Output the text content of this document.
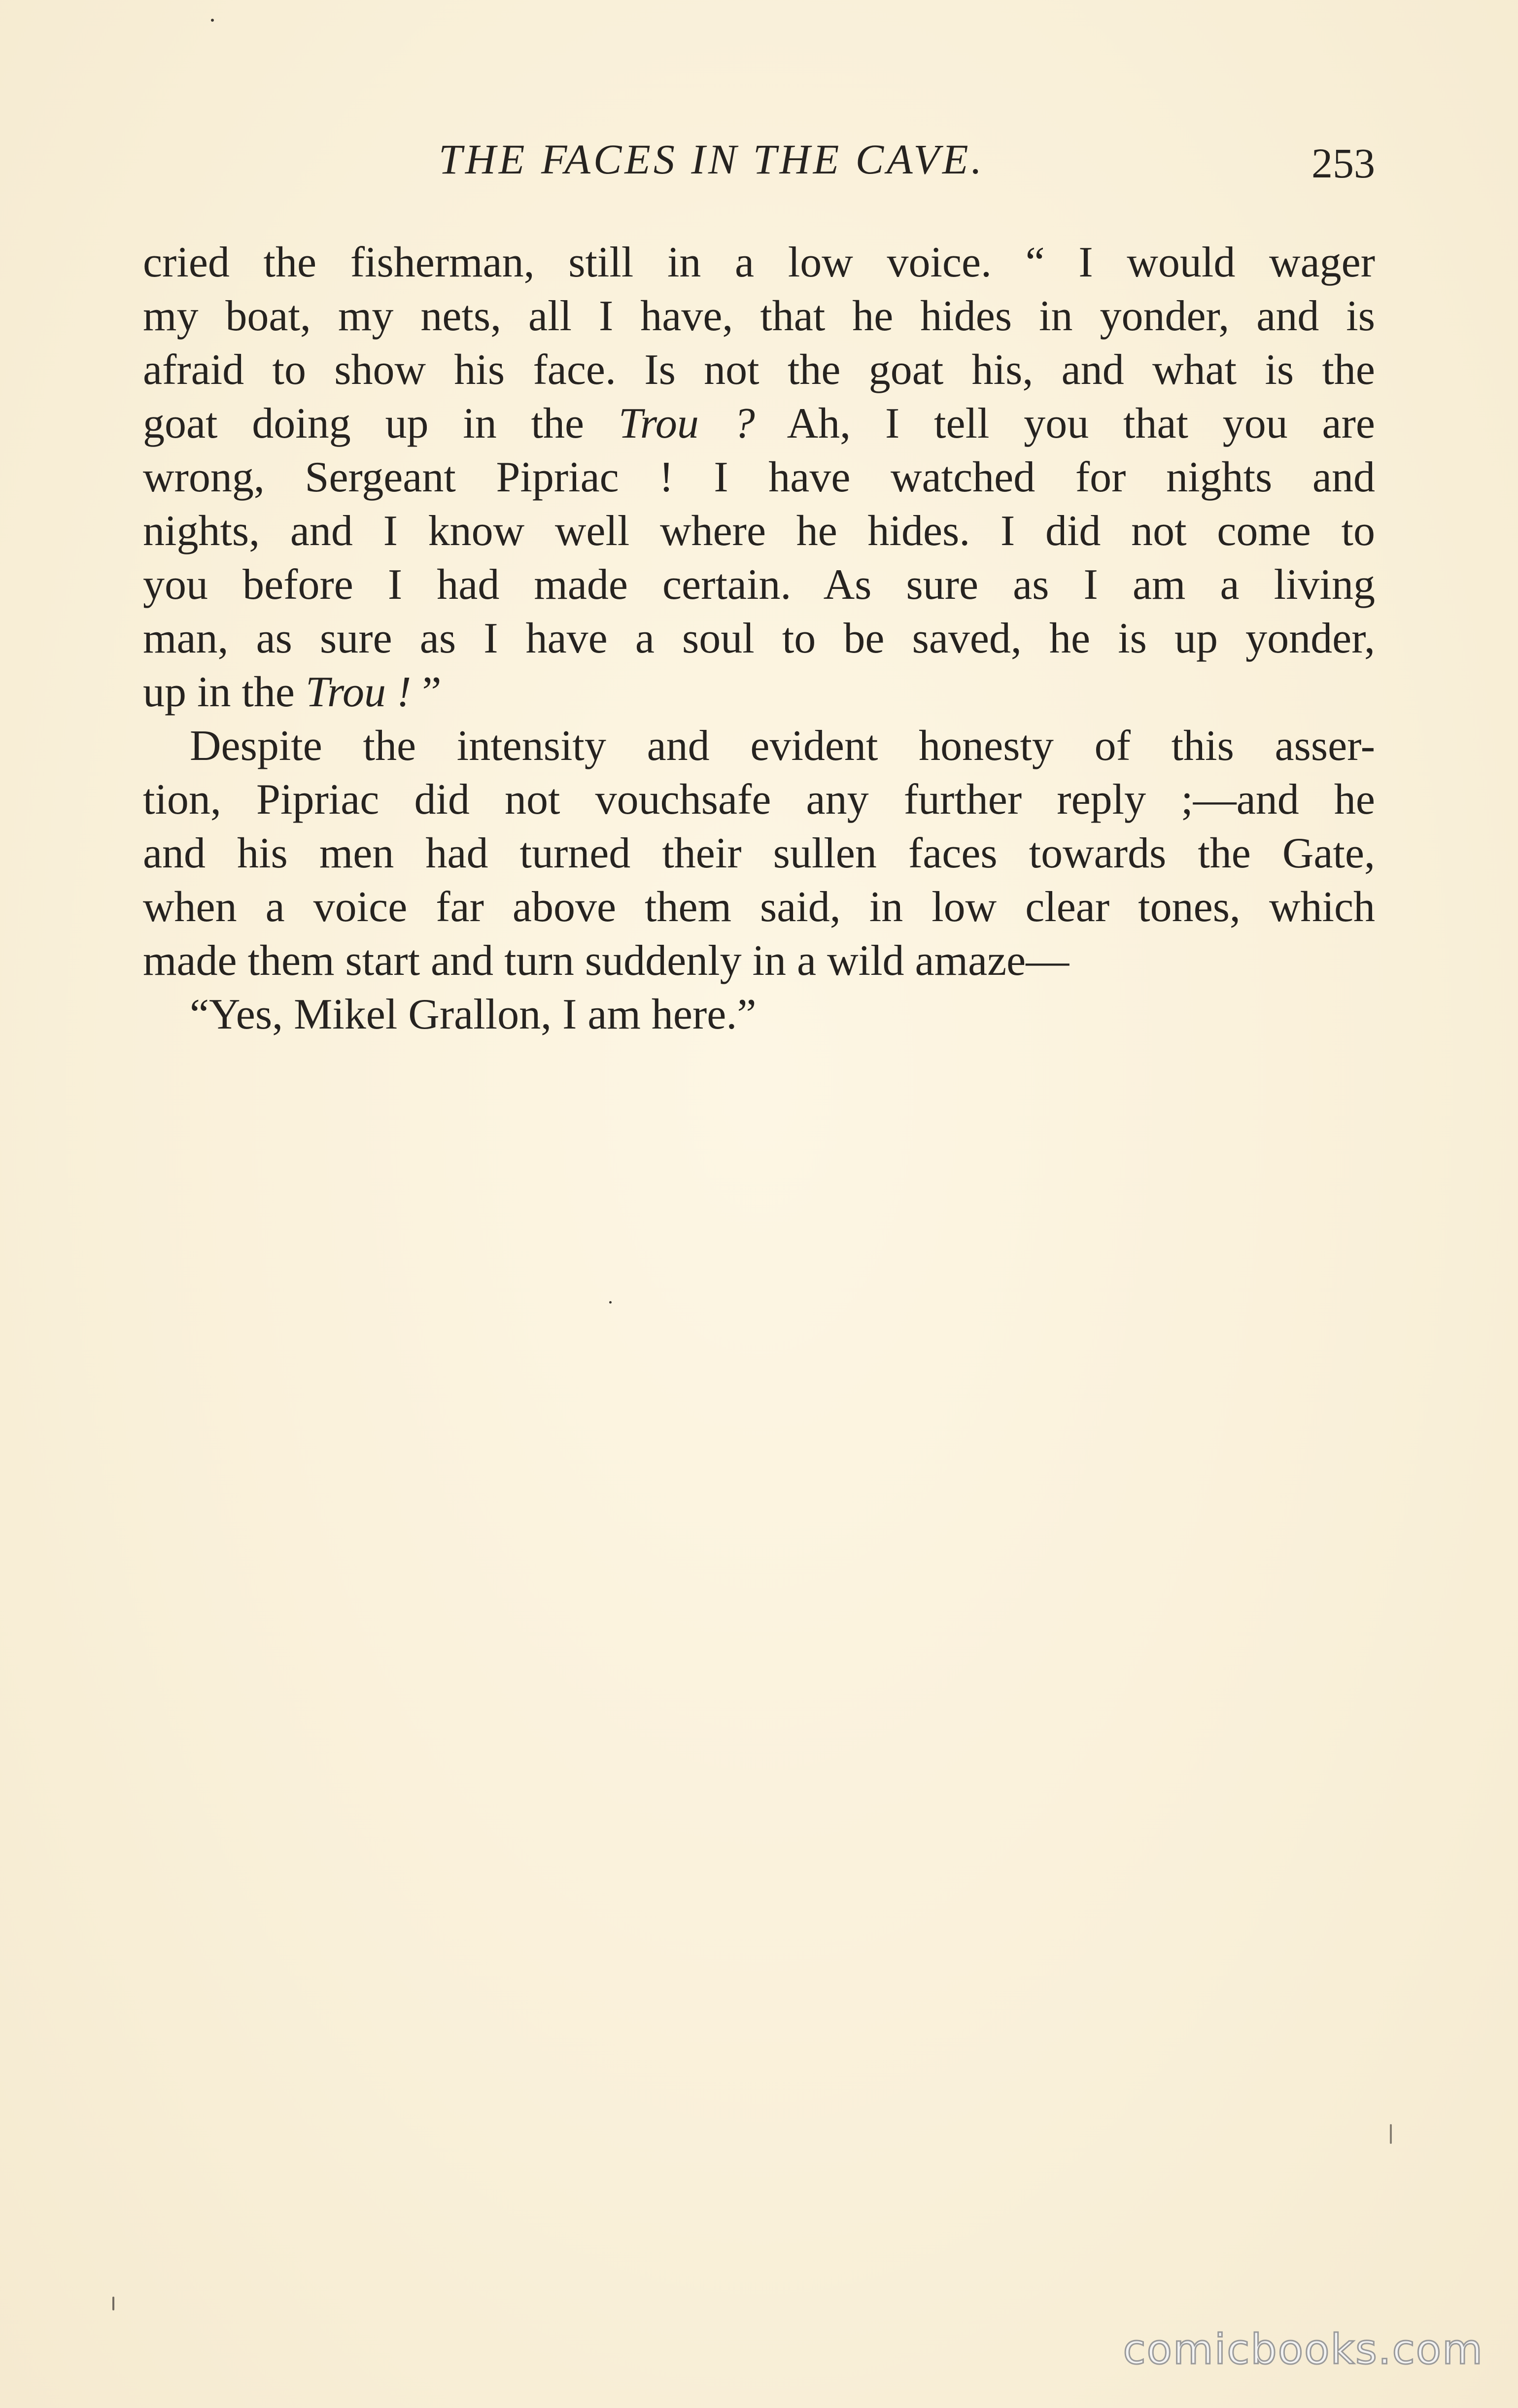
THE FACES IN THE CAVE.	253
cried the fisherman, still in a low voice. “ I would wager
my boat, my nets, all I have, that he hides in yonder, and is
afraid to show his face. Is not the goat his, and what is the
goat doing up in the Trou ? Ah, I tell you that you are
wrong, Sergeant Pipriac ! I have watched for nights and
nights, and I know well where he hides. I did not come to
you before I had made certain. As sure as I am a living
man, as sure as I have a soul to be saved, he is up yonder,
up in the Trou ! ”
Despite the intensity and evident honesty of this asser-
tion, Pipriac did not vouchsafe any further reply ;—and he
and his men had turned their sullen faces towards the Gate,
when a voice far above them said, in low clear tones, which
made them start and turn suddenly in a wild amaze—
“Yes, Mikel Grallon, I am here.”
comicbooks.com
